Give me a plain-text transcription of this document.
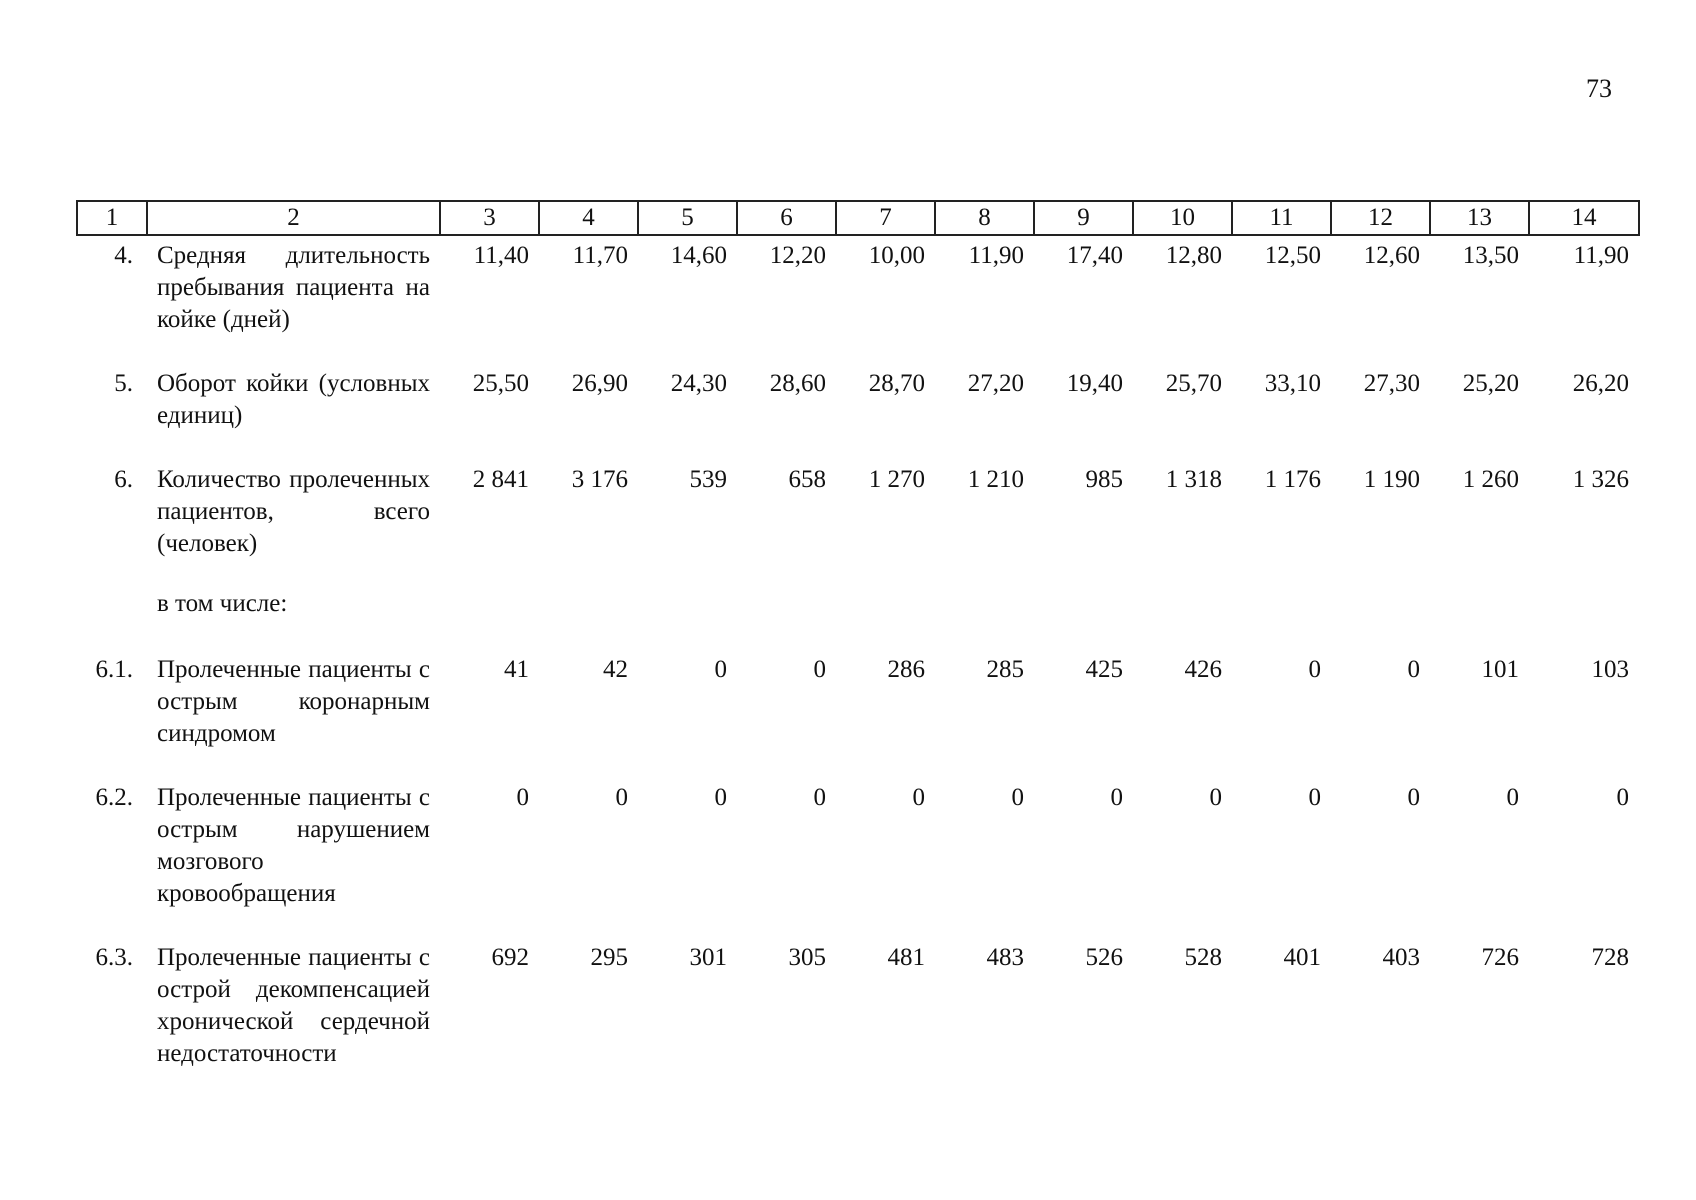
73
1	2	3	4	5	6	7	8	9	10	11	12	13	14
4.	Средняя длительность пребывания пациента на койке (дней)	11,40	11,70	14,60	12,20	10,00	11,90	17,40	12,80	12,50	12,60	13,50	11,90
5.	Оборот койки (условных единиц)	25,50	26,90	24,30	28,60	28,70	27,20	19,40	25,70	33,10	27,30	25,20	26,20
6.	Количество пролеченных пациентов, всего (человек)	2 841	3 176	539	658	1 270	1 210	985	1 318	1 176	1 190	1 260	1 326
	в том числе:												
6.1.	Пролеченные пациенты с острым коронарным синдромом	41	42	0	0	286	285	425	426	0	0	101	103
6.2.	Пролеченные пациенты с острым нарушением мозгового кровообращения	0	0	0	0	0	0	0	0	0	0	0	0
6.3.	Пролеченные пациенты с острой декомпенсацией хронической сердечной недостаточности	692	295	301	305	481	483	526	528	401	403	726	728
